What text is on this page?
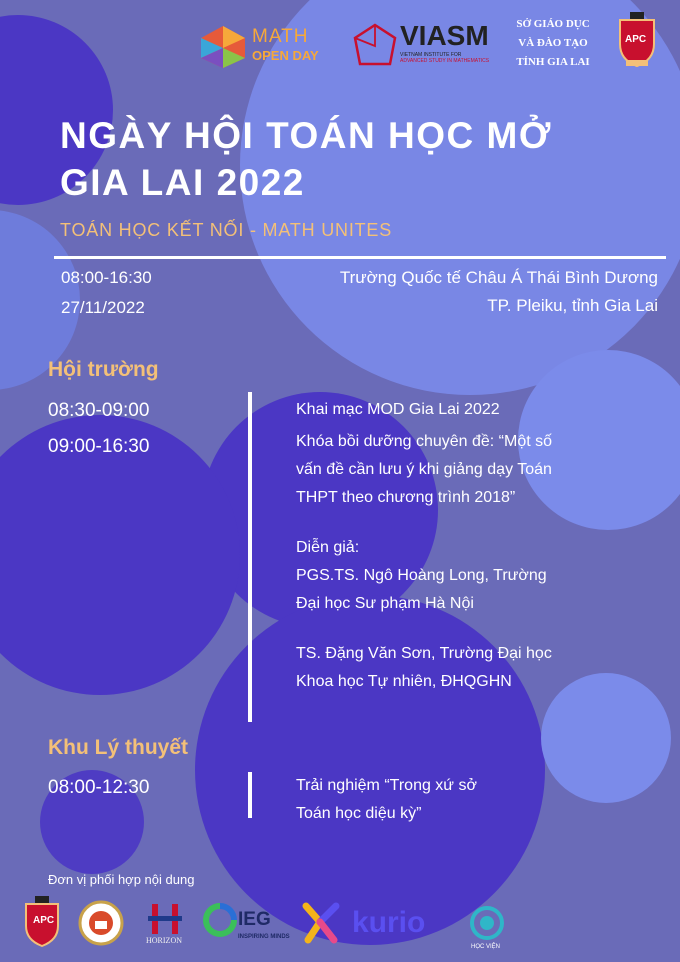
MATH
OPEN DAY
VIASM
VIETNAM INSTITUTE FOR
ADVANCED STUDY IN MATHEMATICS
SỞ GIÁO DỤC
VÀ ĐÀO TẠO
TỈNH GIA LAI
APC
NGÀY HỘI TOÁN HỌC MỞ
GIA LAI 2022
TOÁN HỌC KẾT NỐI - MATH UNITES
08:00-16:30
27/11/2022
Trường Quốc tế Châu Á Thái Bình Dương
TP. Pleiku, tỉnh Gia Lai
Hội trường
08:30-09:00
09:00-16:30
Khai mạc MOD Gia Lai 2022
Khóa bồi dưỡng chuyên đề: “Một số
vấn đề cần lưu ý khi giảng dạy Toán
THPT theo chương trình 2018”
Diễn giả:
PGS.TS. Ngô Hoàng Long, Trường
Đại học Sư phạm Hà Nội
TS. Đặng Văn Sơn, Trường Đại học
Khoa học Tự nhiên, ĐHQGHN
Khu Lý thuyết
08:00-12:30	Trải nghiệm “Trong xứ sở
Toán học diệu kỳ”
Đơn vị phối hợp nội dung
APC
HORIZON
IEG
INSPIRING MINDS kurio
HỌC VIỆN
